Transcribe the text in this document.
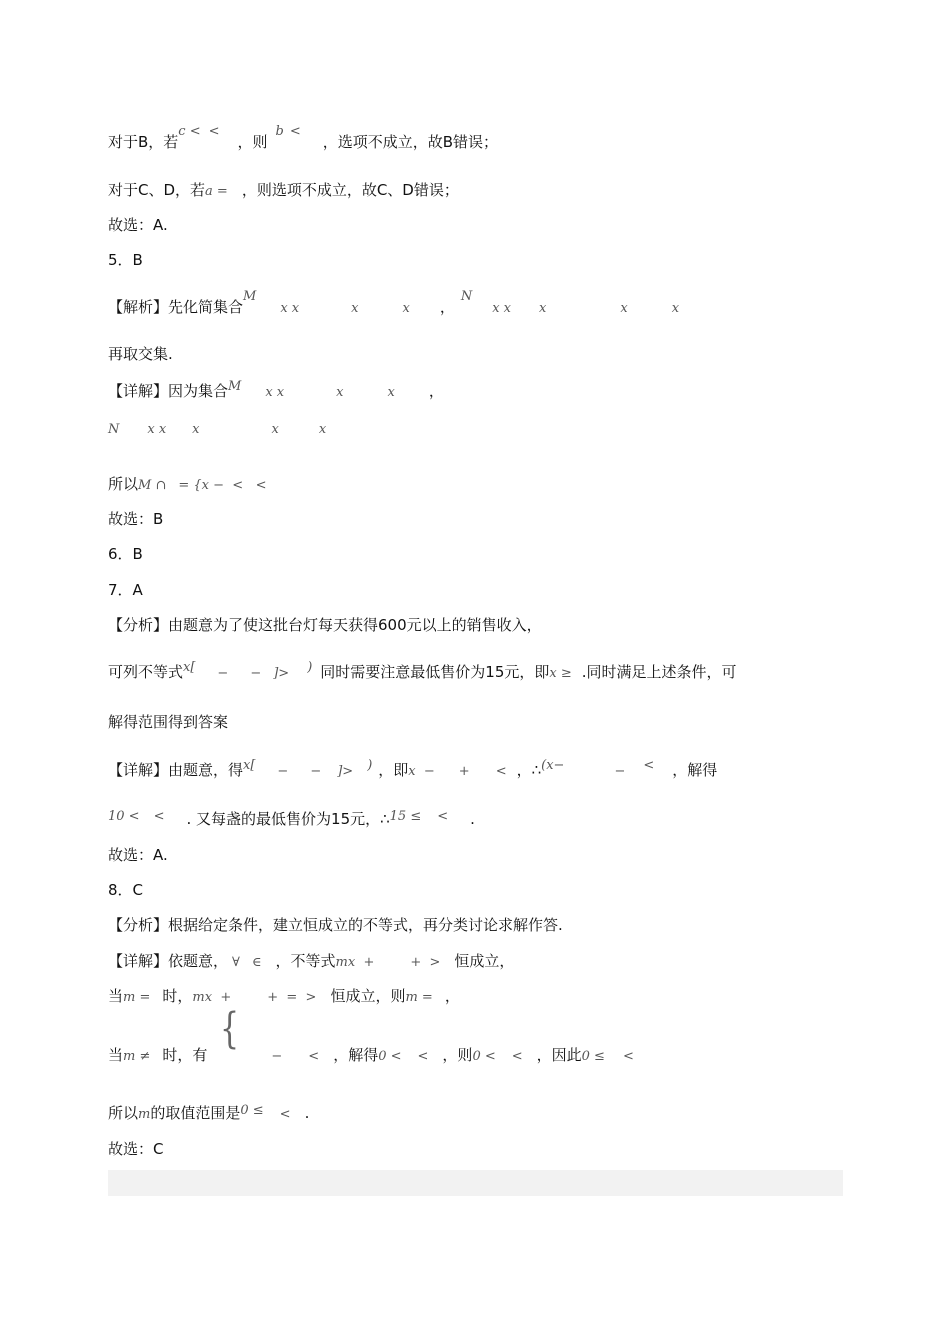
对于B，若c < <，则b <，选项不成立，故B错误；
对于C、D，若a = ，则选项不成立，故C、D错误；
故选：A.
5．B
【解析】先化简集合Mx x	x	x ，Nx x x	x	x
再取交集.
【详解】因为集合M x x	x	x ，
N x x x	x	x
所以M ∩ = {x −  <   <
故选：B
6．B
7．A
【分析】由题意为了使这批台灯每天获得600元以上的销售收入，
可列不等式x[ − − ]> ) 同时需要注意最低售价为15元，即x ≥ .同时满足上述条件，可
解得范围得到答案
【详解】由题意，得x[ − − ]> ) ，即x  − + < ，∴(x−	− < ，解得
10 < < . 又每盏的最低售价为15元，∴15 ≤ < .
故选：A.
8．C
【分析】根据给定条件，建立恒成立的不等式，再分类讨论求解作答.
【详解】依题意， ∀ ∈ ，不等式mx  +	+  > 恒成立，
当m = 时，mx  +	+  =  > 恒成立，则m = ，
{
当m ≠ 时，有	− < ，解得0 < < ，则0 < < ，因此0 ≤ <
所以m的取值范围是0 ≤ < .
故选：C
